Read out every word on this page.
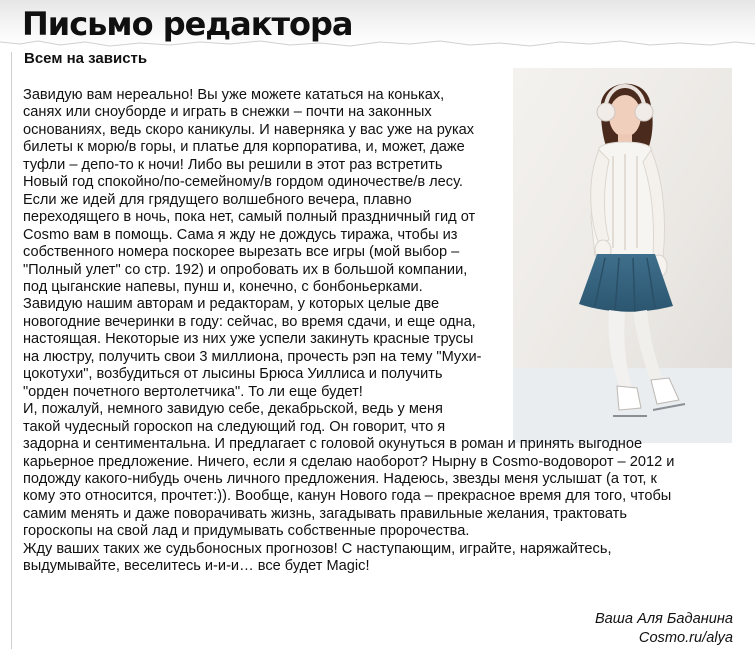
Письмо редактора
Всем на зависть
Завидую вам нереально! Вы уже можете кататься на коньках,
санях или сноуборде и играть в снежки – почти на законных
основаниях, ведь скоро каникулы. И наверняка у вас уже на руках
билеты к морю/в горы, и платье для корпоратива, и, может, даже
туфли – депо-то к ночи! Либо вы решили в этот раз встретить
Новый год спокойно/по-семейному/в гордом одиночестве/в лесу.
Если же идей для грядущего волшебного вечера, плавно
переходящего в ночь, пока нет, самый полный праздничный гид от
Cosmo вам в помощь. Сама я жду не дождусь тиража, чтобы из
собственного номера поскорее вырезать все игры (мой выбор –
"Полный улет" со стр. 192) и опробовать их в большой компании,
под цыганские напевы, пунш и, конечно, с бонбоньерками.
Завидую нашим авторам и редакторам, у которых целые две
новогодние вечеринки в году: сейчас, во время сдачи, и еще одна,
настоящая. Некоторые из них уже успели закинуть красные трусы
на люстру, получить свои 3 миллиона, прочесть рэп на тему "Мухи-
цокотухи", возбудиться от лысины Брюса Уиллиса и получить
"орден почетного вертолетчика". То ли еще будет!
И, пожалуй, немного завидую себе, декабрьской, ведь у меня
такой чудесный гороскоп на следующий год. Он говорит, что я
задорна и сентиментальна. И предлагает с головой окунуться в роман и принять выгодное
карьерное предложение. Ничего, если я сделаю наоборот? Нырну в Cosmo-водоворот – 2012 и
подожду какого-нибудь очень личного предложения. Надеюсь, звезды меня услышат (а тот, к
кому это относится, прочтет:)). Вообще, канун Нового года – прекрасное время для того, чтобы
самим менять и даже поворачивать жизнь, загадывать правильные желания, трактовать
гороскопы на свой лад и придумывать собственные пророчества.
Жду ваших таких же судьбоносных прогнозов! С наступающим, играйте, наряжайтесь,
выдумывайте, веселитесь и-и-и… все будет Magic!
Ваша Аля Баданина
Cosmo.ru/alya
